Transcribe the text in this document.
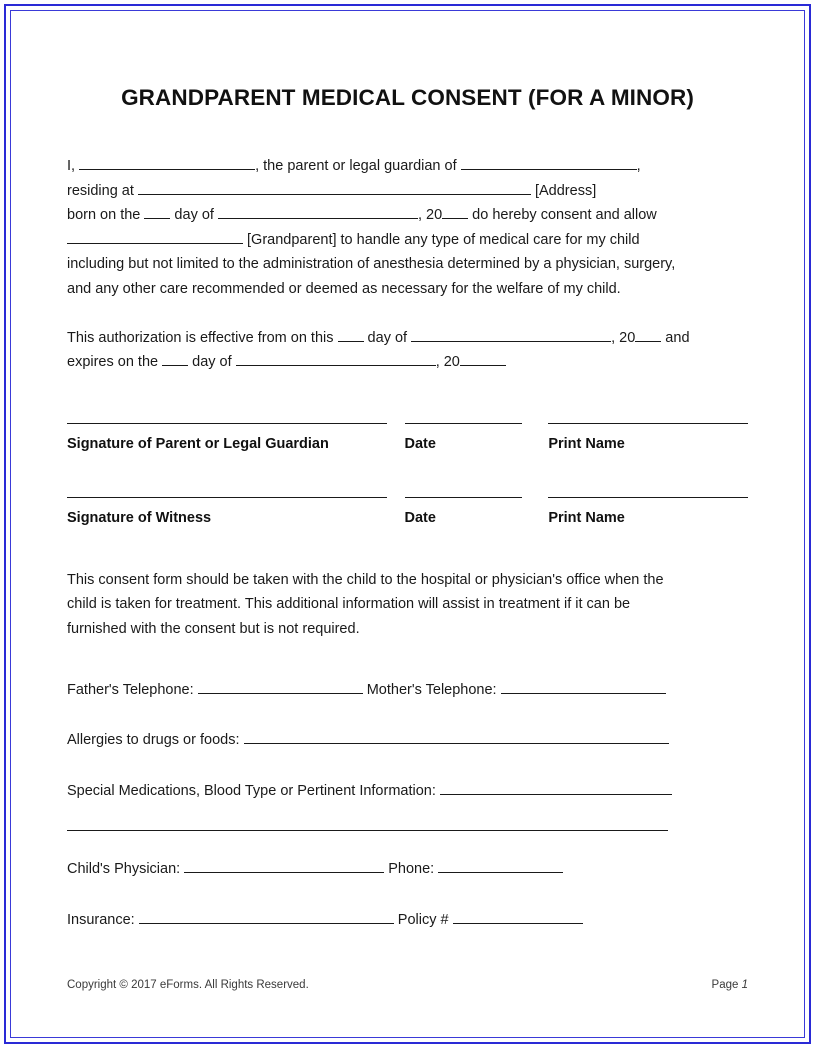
GRANDPARENT MEDICAL CONSENT (FOR A MINOR)

I,	, the parent or legal guardian of	,

residing at	[Address]

born on the  day of	, 20 do hereby consent and allow

[Grandparent] to handle any type of medical care for my child

including but not limited to the administration of anesthesia determined by a physician, surgery,

and any other care recommended or deemed as necessary for the welfare of my child.

This authorization is effective from on this  day of	, 20 and

expires on the  day of	, 20

Signature of Parent or Legal Guardian	Date	Print Name
Signature of Witness	Date	Print Name

This consent form should be taken with the child to the hospital or physician's office when the

child is taken for treatment. This additional information will assist in treatment if it can be

furnished with the consent but is not required.

Father's Telephone:	Mother's Telephone:
Allergies to drugs or foods:
Special Medications, Blood Type or Pertinent Information:
Child's Physician:	Phone:
Insurance:	Policy #
Copyright © 2017 eForms. All Rights Reserved.	Page 1
